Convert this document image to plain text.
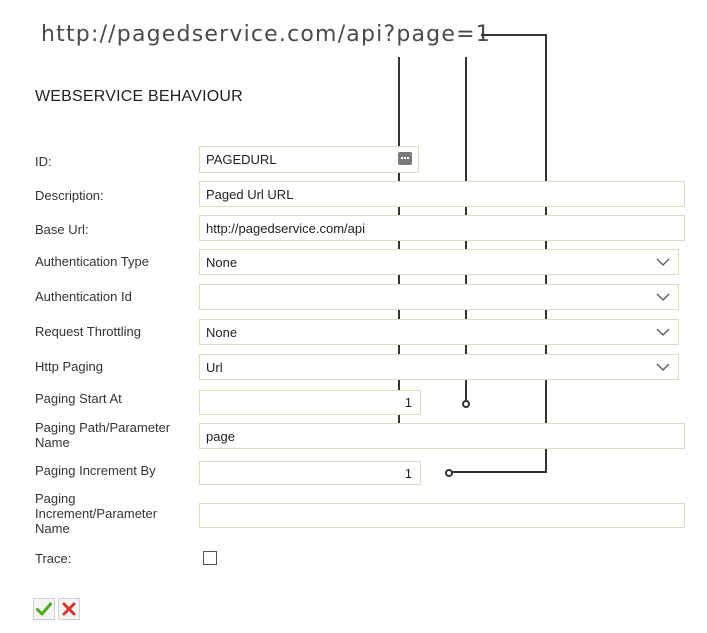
http://pagedservice.com/api?page=1
WEBSERVICE BEHAVIOUR
ID:	PAGEDURL
Description:	Paged Url URL
Base Url:	http://pagedservice.com/api
Authentication Type	None
Authentication Id
Request Throttling	None
Http Paging	Url
Paging Start At	1
Paging Path/Parameter
Name	page
Paging Increment By	1
Paging
Increment/Parameter
Name
Trace:
